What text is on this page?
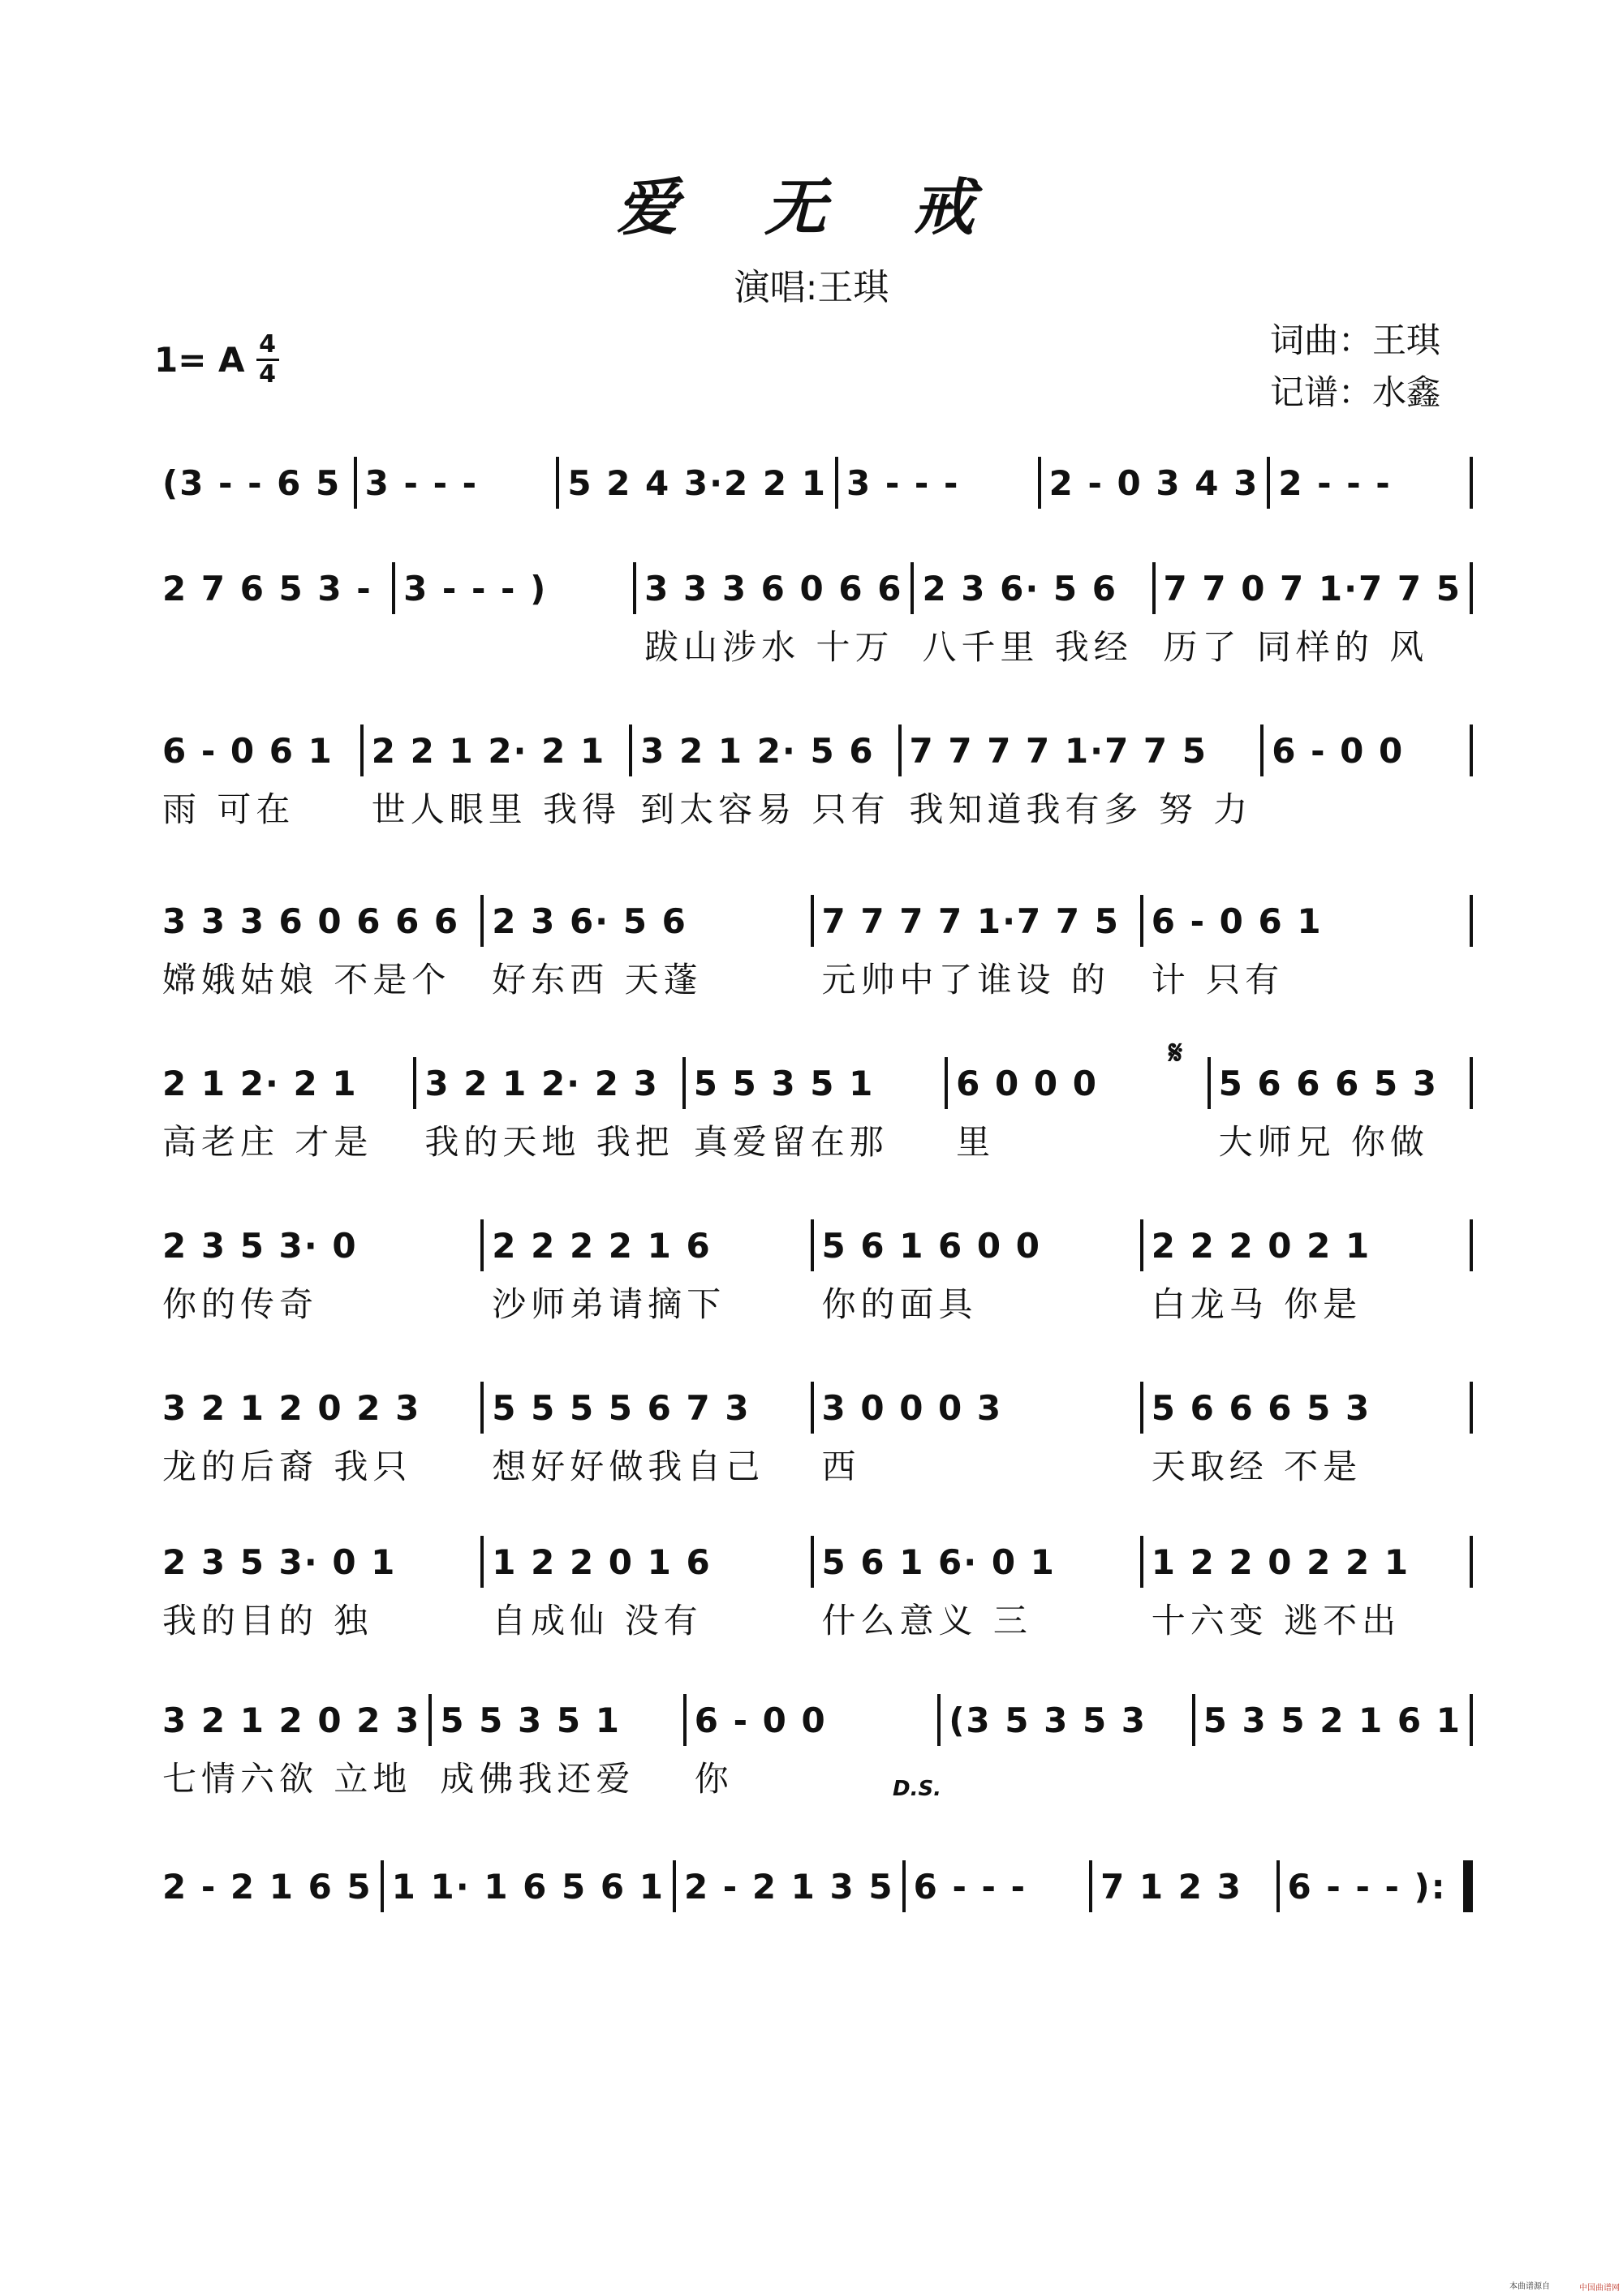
爱 无 戒
演唱:王琪
1= A 4
4
词曲：王琪
记谱：水鑫
(3 - - 6 5 3 - - -	5 2 4 3·2 2 1 3 - - -	2 - 0 3 4 3 2 - - -
2 7 6 5 3 - 3 - - - )	3 3 3 6 0 6 6
跋山涉水 十万
2 3 6· 5 6
八千里 我经
7 7 0 7 1·7 7 5
历了 同样的 风
6 - 0 6 1
雨 可在
2 2 1 2· 2 1
世人眼里 我得
3 2 1 2· 5 6
到太容易 只有
7 7 7 7 1·7 7 5
我知道我有多 努 力
6 - 0 0
3 3 3 6 0 6 6 6
嫦娥姑娘 不是个
2 3 6· 5 6
好东西 天蓬
7 7 7 7 1·7 7 5
元帅中了谁设 的
6 - 0 6 1
计 只有
2 1 2· 2 1
高老庄 才是
3 2 1 2· 2 3
我的天地 我把
5 5 3 5 1
真爱留在那
6 0 0 0
里
5 6 6 6 5 3
大师兄 你做
2 3 5 3· 0
你的传奇
2 2 2 2 1 6
沙师弟请摘下
5 6 1 6 0 0
你的面具
2 2 2 0 2 1
白龙马 你是
3 2 1 2 0 2 3
龙的后裔 我只
5 5 5 5 6 7 3
想好好做我自己
3 0 0 0 3
西
5 6 6 6 5 3
天取经 不是
2 3 5 3· 0 1
我的目的 独
1 2 2 0 1 6
自成仙 没有
5 6 1 6· 0 1
什么意义 三
1 2 2 0 2 2 1
十六变 逃不出
3 2 1 2 0 2 3
七情六欲 立地
5 5 3 5 1
成佛我还爱
6 - 0 0
你
(3 5 3 5 3	5 3 5 2 1 6 1
2 - 2 1 6 5 1 1· 1 6 5 6 1 2 - 2 1 3 5 6 - - -	7 1 2 3	6 - - - ):
𝄋
D.S.
本曲谱源自	中国曲谱网
